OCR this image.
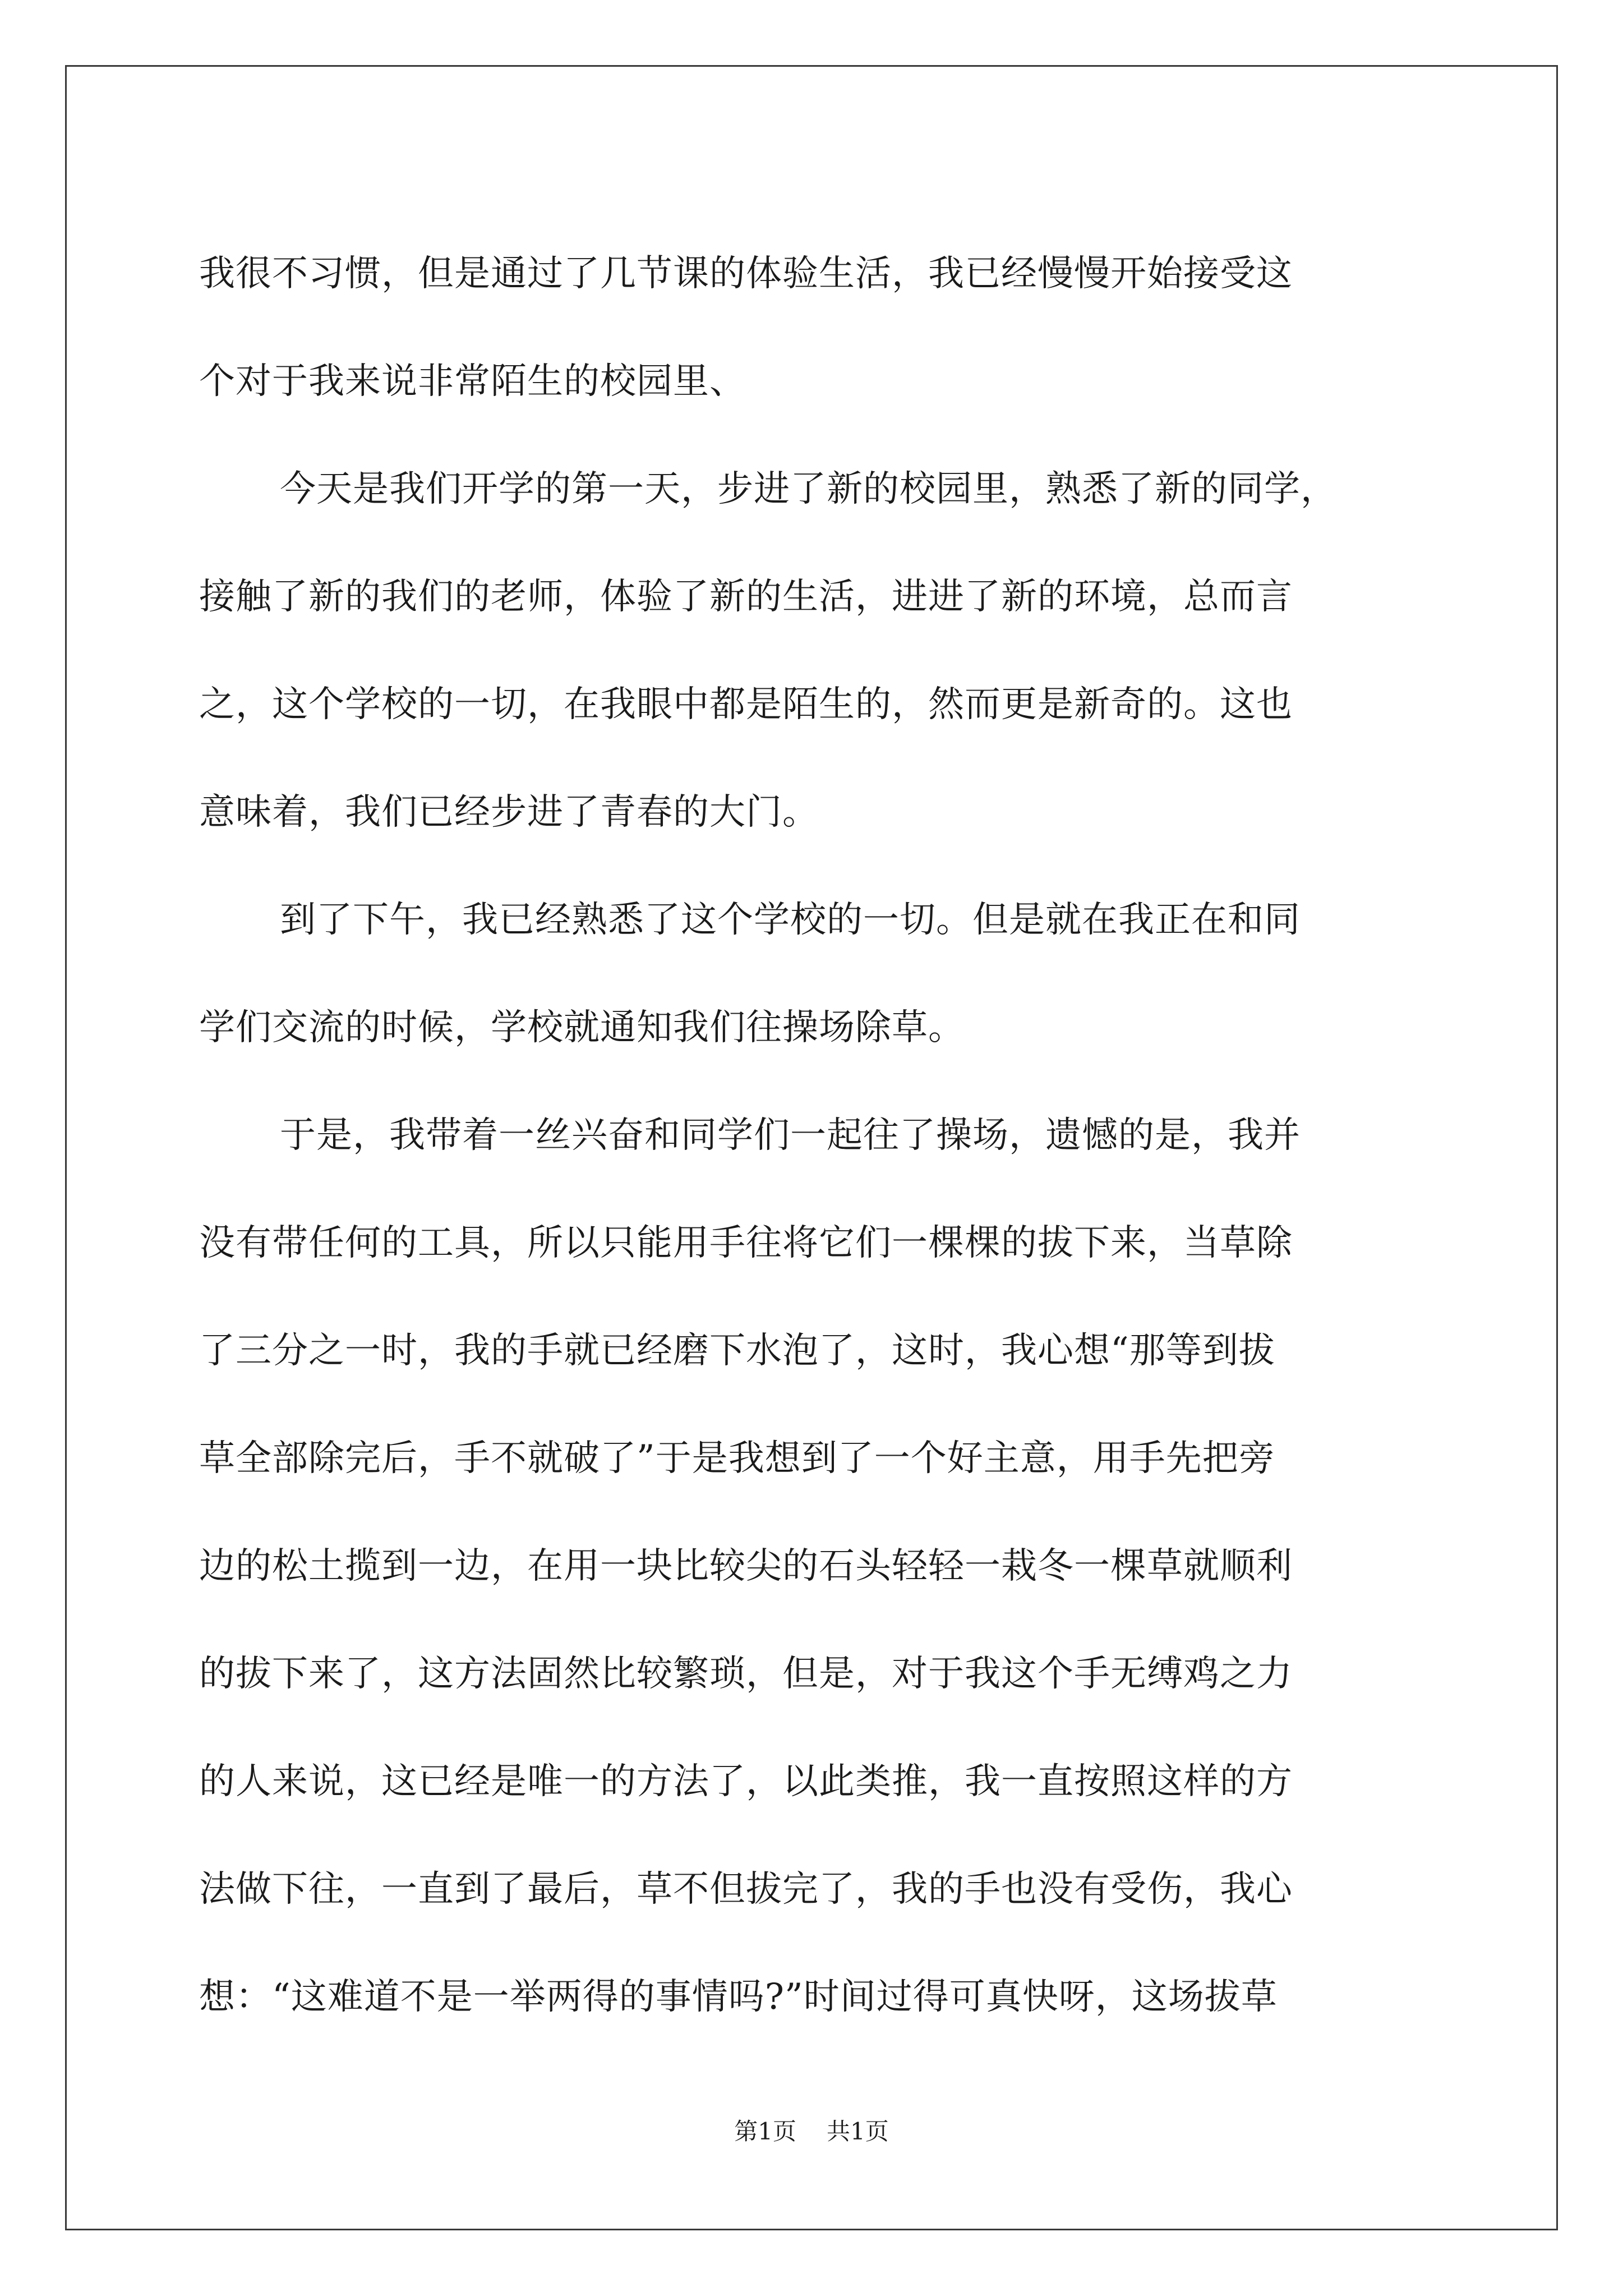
我很不习惯，但是通过了几节课的体验生活，我已经慢慢开始接受这
个对于我来说非常陌生的校园里、
今天是我们开学的第一天，步进了新的校园里，熟悉了新的同学，
接触了新的我们的老师，体验了新的生活，进进了新的环境，总而言
之，这个学校的一切，在我眼中都是陌生的，然而更是新奇的。这也
意味着，我们已经步进了青春的大门。
到了下午，我已经熟悉了这个学校的一切。但是就在我正在和同
学们交流的时候，学校就通知我们往操场除草。
于是，我带着一丝兴奋和同学们一起往了操场，遗憾的是，我并
没有带任何的工具，所以只能用手往将它们一棵棵的拔下来，当草除
了三分之一时，我的手就已经磨下水泡了，这时，我心想“那等到拔
草全部除完后，手不就破了”于是我想到了一个好主意，用手先把旁
边的松土揽到一边，在用一块比较尖的石头轻轻一栽冬一棵草就顺利
的拔下来了，这方法固然比较繁琐，但是，对于我这个手无缚鸡之力
的人来说，这已经是唯一的方法了，以此类推，我一直按照这样的方
法做下往，一直到了最后，草不但拔完了，我的手也没有受伤，我心
想：“这难道不是一举两得的事情吗?”时间过得可真快呀，这场拔草
第1页 共1页
